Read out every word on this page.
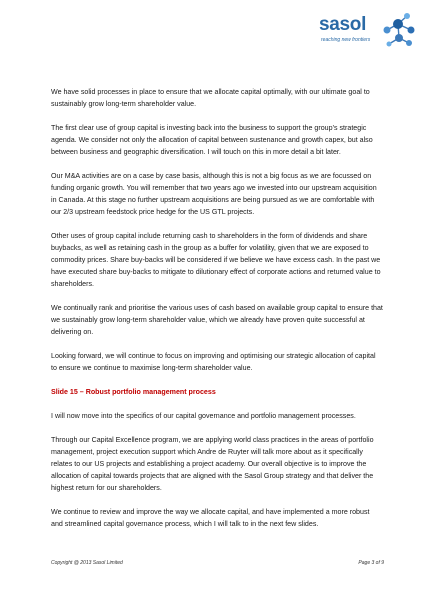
sasol
reaching new frontiers

We have solid processes in place to ensure that we allocate capital optimally, with our ultimate goal to sustainably grow long-term shareholder value.

The first clear use of group capital is investing back into the business to support the group’s strategic agenda. We consider not only the allocation of capital between sustenance and growth capex, but also between business and geographic diversification. I will touch on this in more detail a bit later.

Our M&A activities are on a case by case basis, although this is not a big focus as we are focussed on funding organic growth. You will remember that two years ago we invested into our upstream acquisition in Canada. At this stage no further upstream acquisitions are being pursued as we are comfortable with our 2/3 upstream feedstock price hedge for the US GTL projects.

Other uses of group capital include returning cash to shareholders in the form of dividends and share buybacks, as well as retaining cash in the group as a buffer for volatility, given that we are exposed to commodity prices. Share buy-backs will be considered if we believe we have excess cash. In the past we have executed share buy-backs to mitigate to dilutionary effect of corporate actions and returned value to shareholders.

We continually rank and prioritise the various uses of cash based on available group capital to ensure that we sustainably grow long-term shareholder value, which we already have proven quite successful at delivering on.

Looking forward, we will continue to focus on improving and optimising our strategic allocation of capital to ensure we continue to maximise long-term shareholder value.

Slide 15 – Robust portfolio management process

I will now move into the specifics of our capital governance and portfolio management processes.

Through our Capital Excellence program, we are applying world class practices in the areas of portfolio management, project execution support which Andre de Ruyter will talk more about as it specifically relates to our US projects and establishing a project academy. Our overall objective is to improve the allocation of capital towards projects that are aligned with the Sasol Group strategy and that deliver the highest return for our shareholders.

We continue to review and improve the way we allocate capital, and have implemented a more robust and streamlined capital governance process, which I will talk to in the next few slides.

Copyright @ 2013 Sasol Limited	Page 3 of 9
